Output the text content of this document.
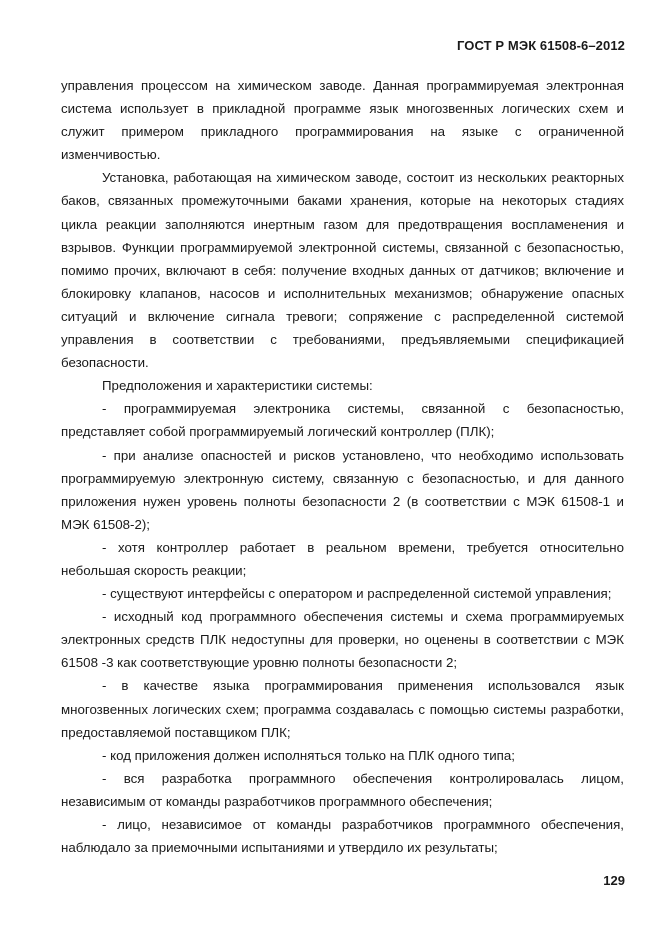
ГОСТ Р МЭК 61508-6–2012

управления процессом на химическом заводе. Данная программируемая электронная система использует в прикладной программе язык многозвенных логических схем и служит примером прикладного программирования на языке с ограниченной изменчивостью.

Установка, работающая на химическом заводе, состоит из нескольких реакторных баков, связанных промежуточными баками хранения, которые на некоторых стадиях цикла реакции заполняются инертным газом для предотвращения воспламенения и взрывов. Функции программируемой электронной системы, связанной с безопасностью, помимо прочих, включают в себя: получение входных данных от датчиков; включение и блокировку клапанов, насосов и исполнительных механизмов; обнаружение опасных ситуаций и включение сигнала тревоги; сопряжение с распределенной системой управления в соответствии с требованиями, предъявляемыми спецификацией безопасности.

Предположения и характеристики системы:

- программируемая электроника системы, связанной с безопасностью, представляет собой программируемый логический контроллер (ПЛК);

- при анализе опасностей и рисков установлено, что необходимо использовать программируемую электронную систему, связанную с безопасностью, и для данного приложения нужен уровень полноты безопасности 2 (в соответствии с МЭК 61508-1 и МЭК 61508-2);

- хотя контроллер работает в реальном времени, требуется относительно небольшая скорость реакции;

- существуют интерфейсы с оператором и распределенной системой управления;

- исходный код программного обеспечения системы и схема программируемых электронных средств ПЛК недоступны для проверки, но оценены в соответствии с МЭК 61508 -3 как соответствующие уровню полноты безопасности 2;

- в качестве языка программирования применения использовался язык многозвенных логических схем; программа создавалась с помощью системы разработки, предоставляемой поставщиком ПЛК;

- код приложения должен исполняться только на ПЛК одного типа;

- вся разработка программного обеспечения контролировалась лицом, независимым от команды разработчиков программного обеспечения;

- лицо, независимое от команды разработчиков программного обеспечения, наблюдало за приемочными испытаниями и утвердило их результаты;

129
